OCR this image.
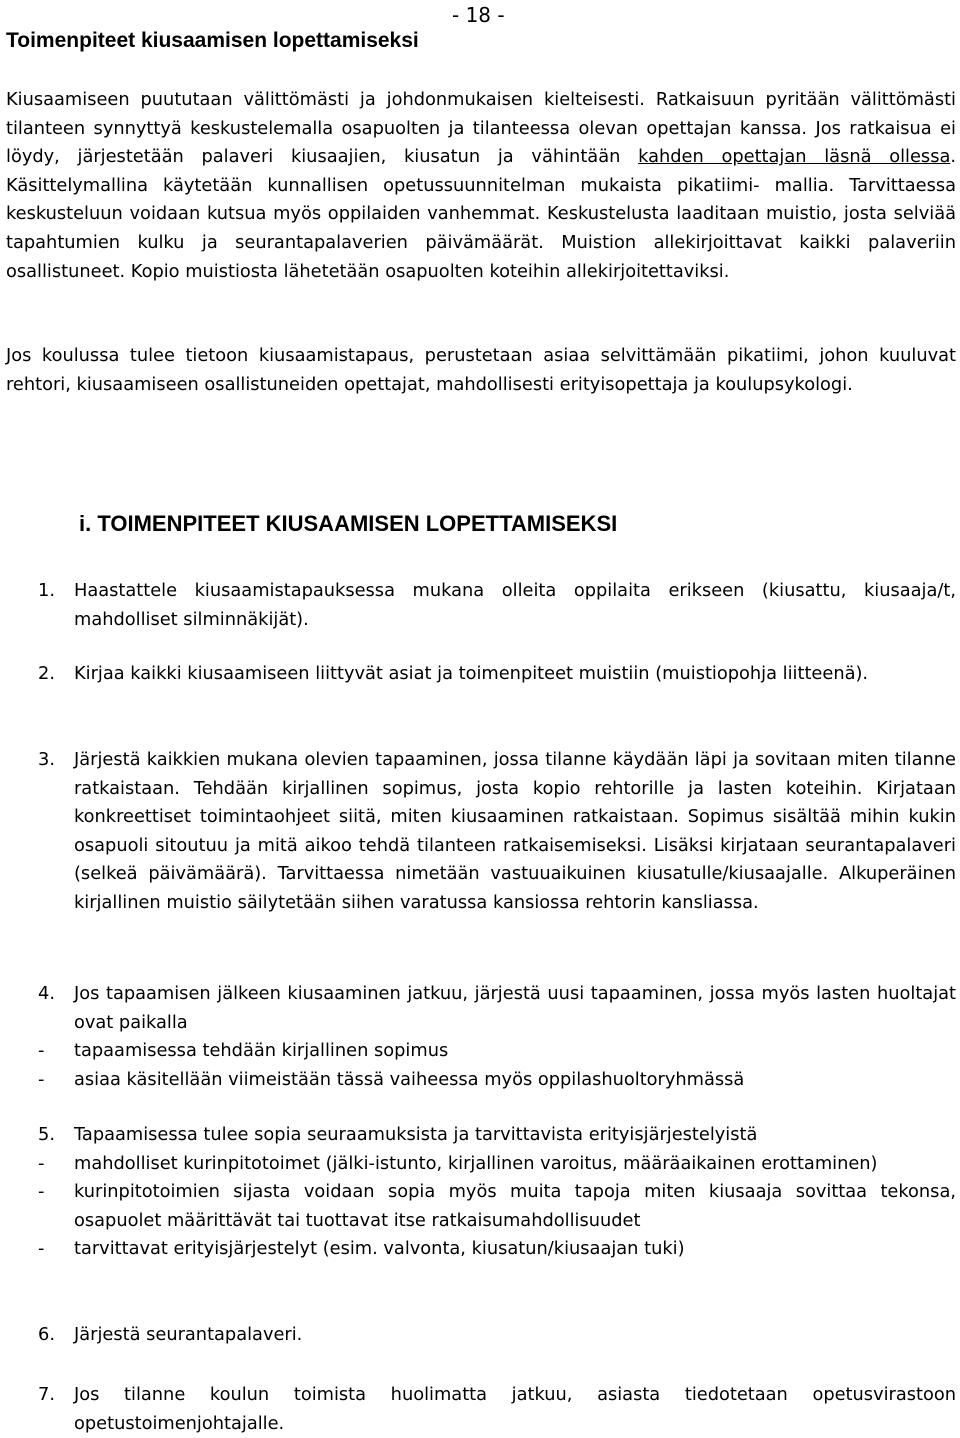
- 18 -
Toimenpiteet kiusaamisen lopettamiseksi

Kiusaamiseen puututaan välittömästi ja johdonmukaisen kielteisesti. Ratkaisuun pyritään välittömästi tilanteen synnyttyä keskustelemalla osapuolten ja tilanteessa olevan opettajan kanssa. Jos ratkaisua ei löydy, järjestetään palaveri kiusaajien, kiusatun ja vähintään kahden opettajan läsnä ollessa. Käsittelymallina käytetään kunnallisen opetussuunnitelman mukaista pikatiimi- mallia. Tarvittaessa keskusteluun voidaan kutsua myös oppilaiden vanhemmat. Keskustelusta laaditaan muistio, josta selviää tapahtumien kulku ja seurantapalaverien päivämäärät. Muistion allekirjoittavat kaikki palaveriin osallistuneet. Kopio muistiosta lähetetään osapuolten koteihin allekirjoitettaviksi.

Jos koulussa tulee tietoon kiusaamistapaus, perustetaan asiaa selvittämään pikatiimi, johon kuuluvat rehtori, kiusaamiseen osallistuneiden opettajat, mahdollisesti erityisopettaja ja koulupsykologi.

i. TOIMENPITEET KIUSAAMISEN LOPETTAMISEKSI
1. Haastattele kiusaamistapauksessa mukana olleita oppilaita erikseen (kiusattu, kiusaaja/t, mahdolliset silminnäkijät).
2. Kirjaa kaikki kiusaamiseen liittyvät asiat ja toimenpiteet muistiin (muistiopohja liitteenä).
3. Järjestä kaikkien mukana olevien tapaaminen, jossa tilanne käydään läpi ja sovitaan miten tilanne ratkaistaan. Tehdään kirjallinen sopimus, josta kopio rehtorille ja lasten koteihin. Kirjataan konkreettiset toimintaohjeet siitä, miten kiusaaminen ratkaistaan. Sopimus sisältää mihin kukin osapuoli sitoutuu ja mitä aikoo tehdä tilanteen ratkaisemiseksi. Lisäksi kirjataan seurantapalaveri (selkeä päivämäärä). Tarvittaessa nimetään vastuuaikuinen kiusatulle/kiusaajalle. Alkuperäinen kirjallinen muistio säilytetään siihen varatussa kansiossa rehtorin kansliassa.
4. Jos tapaamisen jälkeen kiusaaminen jatkuu, järjestä uusi tapaaminen, jossa myös lasten huoltajat ovat paikalla
- tapaamisessa tehdään kirjallinen sopimus
- asiaa käsitellään viimeistään tässä vaiheessa myös oppilashuoltoryhmässä
5. Tapaamisessa tulee sopia seuraamuksista ja tarvittavista erityisjärjestelyistä
- mahdolliset kurinpitotoimet (jälki-istunto, kirjallinen varoitus, määräaikainen erottaminen)
- kurinpitotoimien sijasta voidaan sopia myös muita tapoja miten kiusaaja sovittaa tekonsa, osapuolet määrittävät tai tuottavat itse ratkaisumahdollisuudet
- tarvittavat erityisjärjestelyt (esim. valvonta, kiusatun/kiusaajan tuki)
6. Järjestä seurantapalaveri.
7. Jos tilanne koulun toimista huolimatta jatkuu, asiasta tiedotetaan opetusvirastoon opetustoimenjohtajalle.
